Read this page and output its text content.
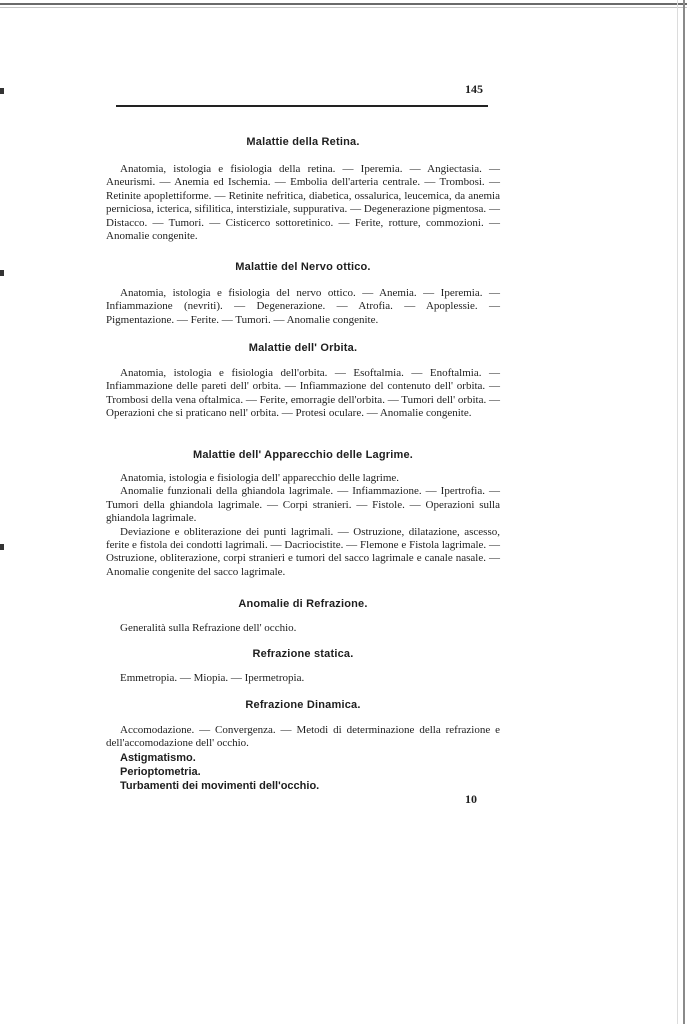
145
Malattie della Retina.
Anatomia, istologia e fisiologia della retina. — Iperemia. — Angiectasia. — Aneurismi. — Anemia ed Ischemia. — Embolia dell'arteria centrale. — Trombosi. — Retinite apoplettiforme. — Retinite nefritica, diabetica, ossalurica, leucemica, da anemia perniciosa, icterica, sifilitica, interstiziale, suppurativa. — Degenerazione pigmentosa. — Distacco. — Tumori. — Cisticerco sottoretinico. — Ferite, rotture, commozioni. — Anomalie congenite.
Malattie del Nervo ottico.
Anatomia, istologia e fisiologia del nervo ottico. — Anemia. — Iperemia. — Infiammazione (nevriti). — Degenerazione. — Atrofia. — Apoplessie. — Pigmentazione. — Ferite. — Tumori. — Anomalie congenite.
Malattie dell' Orbita.
Anatomia, istologia e fisiologia dell'orbita. — Esoftalmia. — Enoftalmia. — Infiammazione delle pareti dell' orbita. — Infiammazione del contenuto dell' orbita. — Trombosi della vena oftalmica. — Ferite, emorragie dell'orbita. — Tumori dell' orbita. — Operazioni che si praticano nell' orbita. — Protesi oculare. — Anomalie congenite.
Malattie dell' Apparecchio delle Lagrime.
Anatomia, istologia e fisiologia dell' apparecchio delle lagrime.
Anomalie funzionali della ghiandola lagrimale. — Infiammazione. — Ipertrofia. — Tumori della ghiandola lagrimale. — Corpi stranieri. — Fistole. — Operazioni sulla ghiandola lagrimale.
Deviazione e obliterazione dei punti lagrimali. — Ostruzione, dilatazione, ascesso, ferite e fistola dei condotti lagrimali. — Dacriocistite. — Flemone e Fistola lagrimale. — Ostruzione, obliterazione, corpi stranieri e tumori del sacco lagrimale e canale nasale. — Anomalie congenite del sacco lagrimale.
Anomalie di Refrazione.
Generalità sulla Refrazione dell' occhio.
Refrazione statica.
Emmetropia. — Miopia. — Ipermetropia.
Refrazione Dinamica.
Accomodazione. — Convergenza. — Metodi di determinazione della refrazione e dell'accomodazione dell' occhio.
Astigmatismo.
Perioptometria.
Turbamenti dei movimenti dell'occhio.
10
